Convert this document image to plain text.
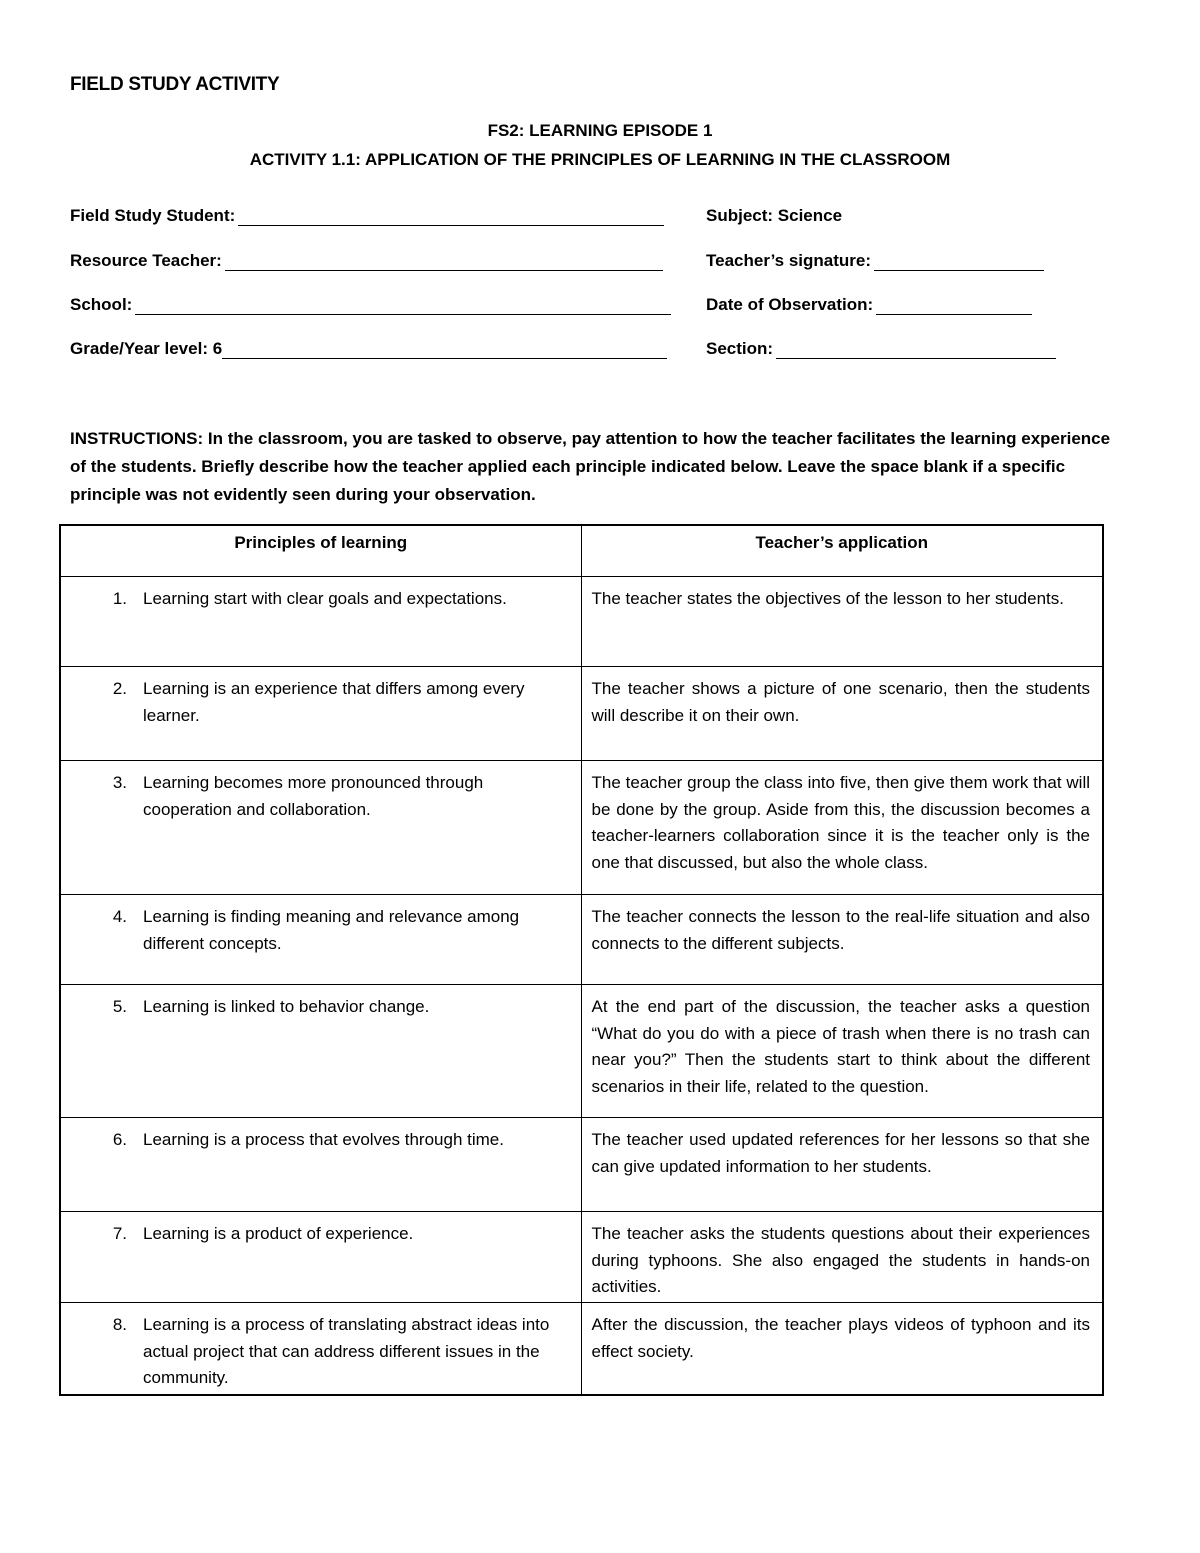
FIELD STUDY ACTIVITY
FS2: LEARNING EPISODE 1
ACTIVITY 1.1: APPLICATION OF THE PRINCIPLES OF LEARNING IN THE CLASSROOM
Field Study Student:
Resource Teacher:
School:
Grade/Year level: 6
Subject: Science
Teacher’s signature:
Date of Observation:
Section:
INSTRUCTIONS: In the classroom, you are tasked to observe, pay attention to how the teacher facilitates the learning experience of the students. Briefly describe how the teacher applied each principle indicated below. Leave the space blank if a specific principle was not evidently seen during your observation.
Principles of learning	Teacher’s application

1. Learning start with clear goals and expectations.	The teacher states the objectives of the lesson to her students.

2. Learning is an experience that differs among every learner.	The teacher shows a picture of one scenario, then the students will describe it on their own.

3. Learning becomes more pronounced through cooperation and collaboration.	The teacher group the class into five, then give them work that will be done by the group. Aside from this, the discussion becomes a teacher-learners collaboration since it is the teacher only is the one that discussed, but also the whole class.

4. Learning is finding meaning and relevance among different concepts.	The teacher connects the lesson to the real-life situation and also connects to the different subjects.

5. Learning is linked to behavior change.	At the end part of the discussion, the teacher asks a question “What do you do with a piece of trash when there is no trash can near you?” Then the students start to think about the different scenarios in their life, related to the question.

6. Learning is a process that evolves through time.	The teacher used updated references for her lessons so that she can give updated information to her students.

7. Learning is a product of experience.	The teacher asks the students questions about their experiences during typhoons. She also engaged the students in hands-on activities.

8. Learning is a process of translating abstract ideas into actual project that can address different issues in the community.	After the discussion, the teacher plays videos of typhoon and its effect society.
